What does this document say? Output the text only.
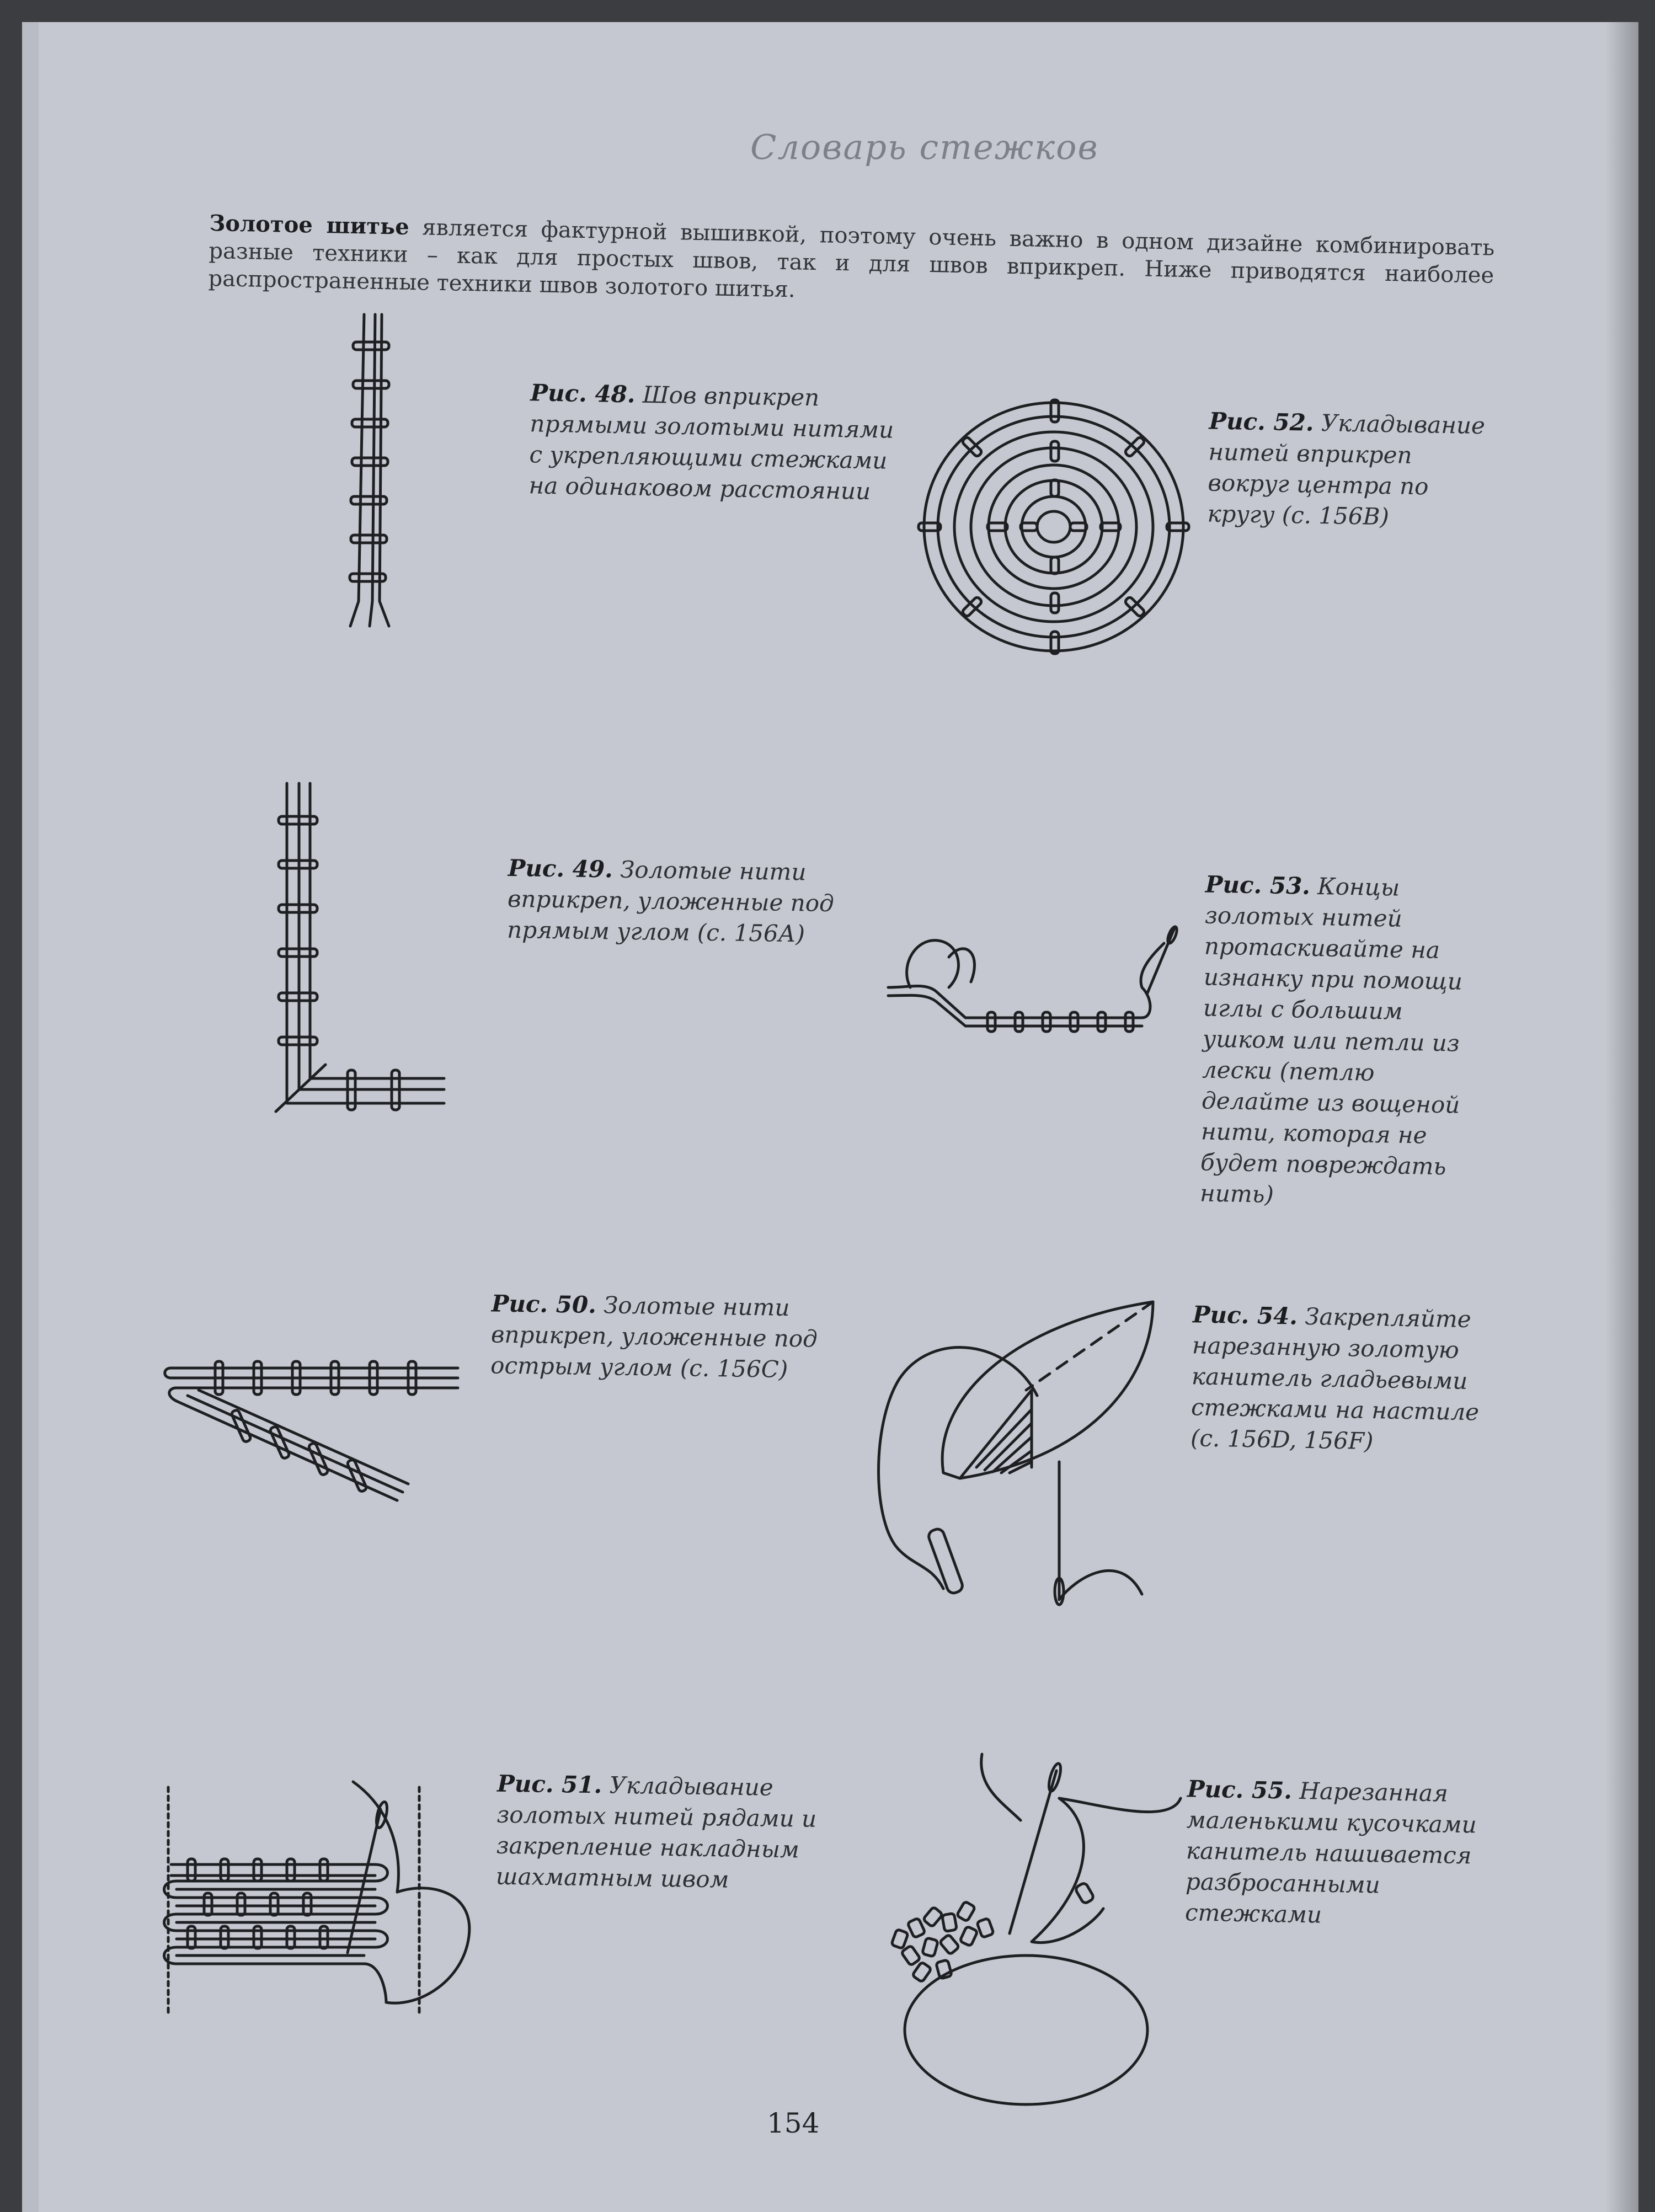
Словарь стежков
Золотое шитье является фактурной вышивкой, поэтому очень важно в одном дизайне комбинировать разные техники – как для простых швов, так и для швов вприкреп. Ниже приводятся наиболее распространенные техники швов золотого шитья.
Рис. 48. Шов вприкреп прямыми золотыми нитями с укрепляющими стежками на одинаковом расстоянии
Рис. 52. Укладывание нитей вприкреп вокруг центра по кругу (с. 156В)
Рис. 49. Золотые нити вприкреп, уложенные под прямым углом (с. 156А)
Рис. 53. Концы золотых нитей протаскивайте на изнанку при помощи иглы с большим ушком или петли из лески (петлю делайте из вощеной нити, которая не будет повреждать нить)
Рис. 50. Золотые нити вприкреп, уложенные под острым углом (с. 156С)
Рис. 54. Закрепляйте нарезанную золотую канитель гладьевыми стежками на настиле (с. 156D, 156F)
Рис. 51. Укладывание золотых нитей рядами и закрепление накладным шахматным швом
Рис. 55. Нарезанная маленькими кусочками канитель нашивается разбросанными стежками
154
